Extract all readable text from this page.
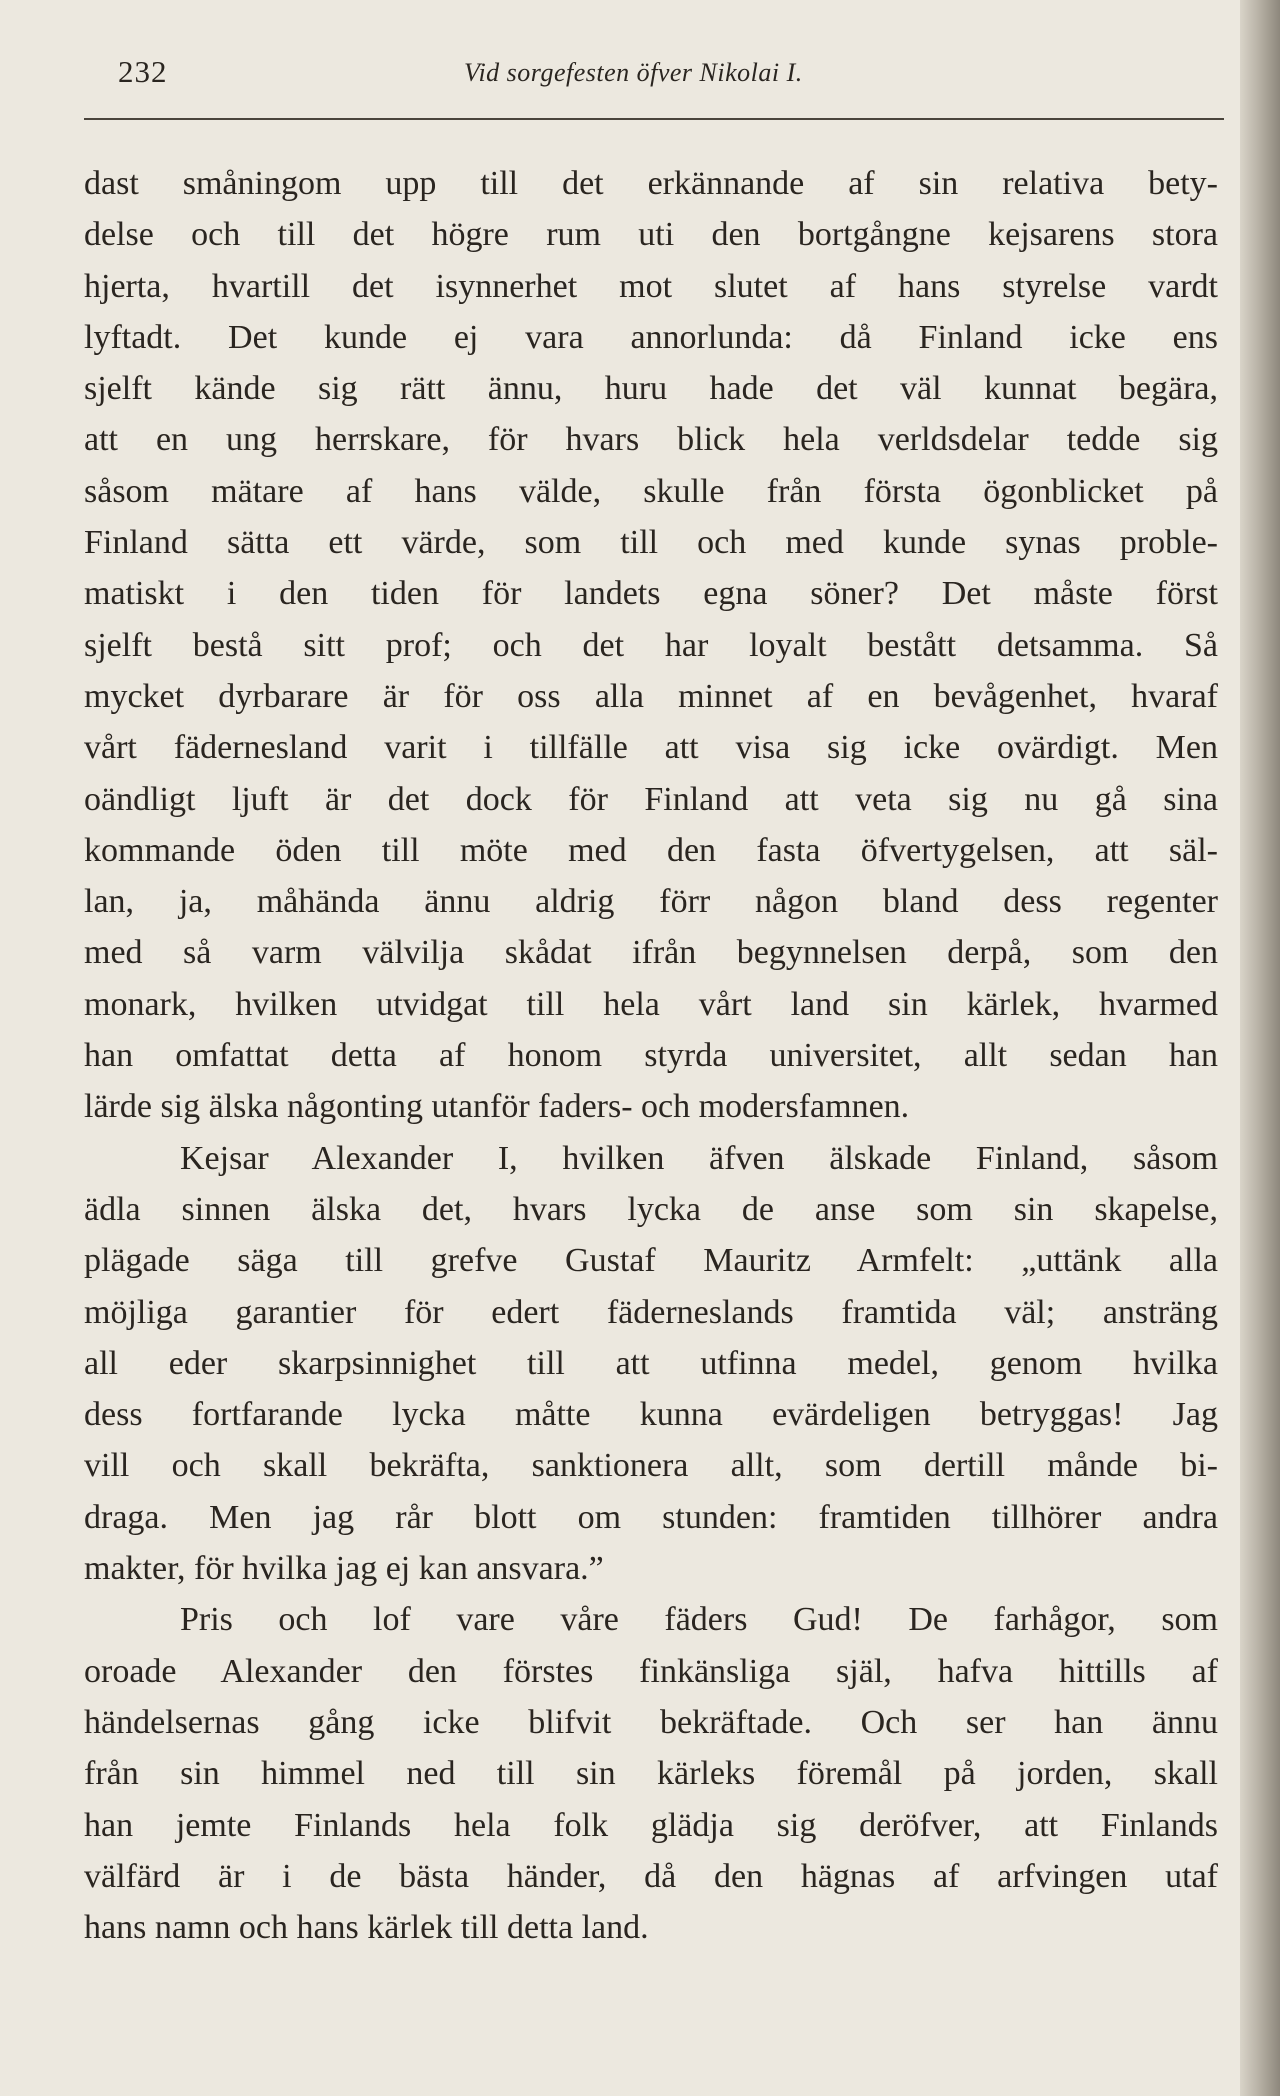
232	Vid sorgefesten öfver Nikolai I.
dast småningom upp till det erkännande af sin relativa bety-
delse och till det högre rum uti den bortgångne kejsarens stora
hjerta, hvartill det isynnerhet mot slutet af hans styrelse vardt
lyftadt. Det kunde ej vara annorlunda: då Finland icke ens
sjelft kände sig rätt ännu, huru hade det väl kunnat begära,
att en ung herrskare, för hvars blick hela verldsdelar tedde sig
såsom mätare af hans välde, skulle från första ögonblicket på
Finland sätta ett värde, som till och med kunde synas proble-
matiskt i den tiden för landets egna söner? Det måste först
sjelft bestå sitt prof; och det har loyalt bestått detsamma. Så
mycket dyrbarare är för oss alla minnet af en bevågenhet, hvaraf
vårt fädernesland varit i tillfälle att visa sig icke ovärdigt. Men
oändligt ljuft är det dock för Finland att veta sig nu gå sina
kommande öden till möte med den fasta öfvertygelsen, att säl-
lan, ja, måhända ännu aldrig förr någon bland dess regenter
med så varm välvilja skådat ifrån begynnelsen derpå, som den
monark, hvilken utvidgat till hela vårt land sin kärlek, hvarmed
han omfattat detta af honom styrda universitet, allt sedan han
lärde sig älska någonting utanför faders- och modersfamnen.
Kejsar Alexander I, hvilken äfven älskade Finland, såsom
ädla sinnen älska det, hvars lycka de anse som sin skapelse,
plägade säga till grefve Gustaf Mauritz Armfelt: „uttänk alla
möjliga garantier för edert fäderneslands framtida väl; ansträng
all eder skarpsinnighet till att utfinna medel, genom hvilka
dess fortfarande lycka måtte kunna evärdeligen betryggas! Jag
vill och skall bekräfta, sanktionera allt, som dertill månde bi-
draga. Men jag rår blott om stunden: framtiden tillhörer andra
makter, för hvilka jag ej kan ansvara.”
Pris och lof vare våre fäders Gud! De farhågor, som
oroade Alexander den förstes finkänsliga själ, hafva hittills af
händelsernas gång icke blifvit bekräftade. Och ser han ännu
från sin himmel ned till sin kärleks föremål på jorden, skall
han jemte Finlands hela folk glädja sig deröfver, att Finlands
välfärd är i de bästa händer, då den hägnas af arfvingen utaf
hans namn och hans kärlek till detta land.
